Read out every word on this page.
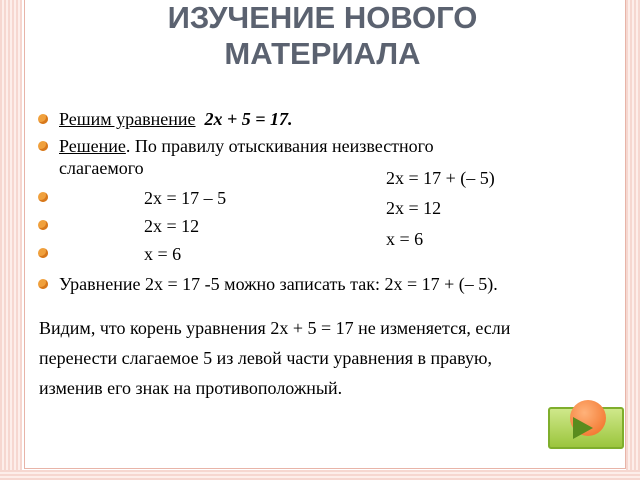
ИЗУЧЕНИЕ НОВОГО
МАТЕРИАЛА
Решим уравнение 2х + 5 = 17.
Решение. По правилу отыскивания неизвестного
слагаемого
2х = 17 – 5
2х = 12
х = 6
Уравнение 2х = 17 -5 можно записать так: 2х = 17 + (– 5).
2х = 17 + (– 5)
2х = 12
х = 6
Видим, что корень уравнения 2х + 5 = 17 не изменяется, если
перенести слагаемое 5 из левой части уравнения в правую,
изменив его знак на противоположный.
